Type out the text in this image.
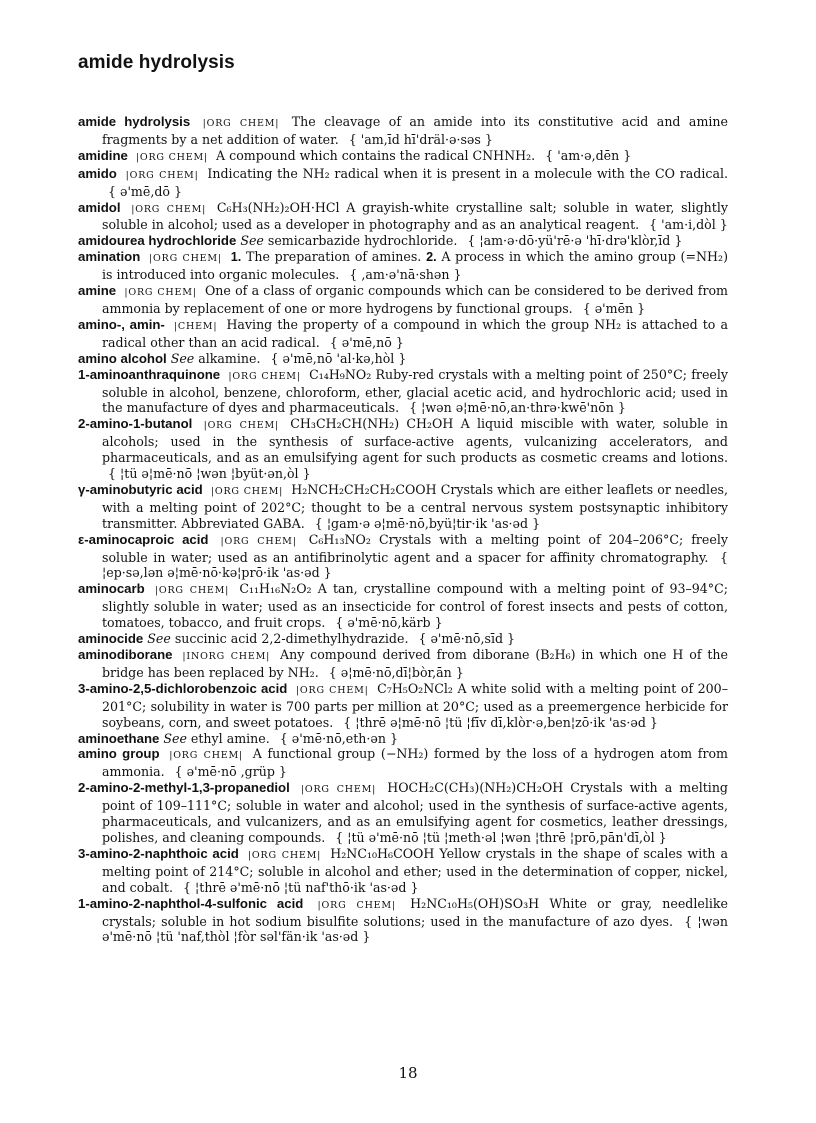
amide hydrolysis

amide hydrolysis |ORG CHEM| The cleavage of an amide into its constitutive acid and amine fragments by a net addition of water. { 'am,īd hī'dräl·ə·səs }

amidine |ORG CHEM| A compound which contains the radical CNHNH₂. { 'am·ə,dēn }

amido |ORG CHEM| Indicating the NH₂ radical when it is present in a molecule with the CO radical. { ə'mē,dō }

amidol |ORG CHEM| C₆H₃(NH₂)₂OH·HCl A grayish-white crystalline salt; soluble in water, slightly soluble in alcohol; used as a developer in photography and as an analytical reagent. { 'am·i,dòl }

amidourea hydrochloride See semicarbazide hydrochloride. { ¦am·ə·dō·yü'rē·ə 'hī·drə'klòr,īd }

amination |ORG CHEM| 1. The preparation of amines. 2. A process in which the amino group (=NH₂) is introduced into organic molecules. { ,am·ə'nā·shən }

amine |ORG CHEM| One of a class of organic compounds which can be considered to be derived from ammonia by replacement of one or more hydrogens by functional groups. { ə'mēn }

amino-, amin- |CHEM| Having the property of a compound in which the group NH₂ is attached to a radical other than an acid radical. { ə'mē,nō }

amino alcohol See alkamine. { ə'mē,nō 'al·kə,hòl }

1-aminoanthraquinone |ORG CHEM| C₁₄H₉NO₂ Ruby-red crystals with a melting point of 250°C; freely soluble in alcohol, benzene, chloroform, ether, glacial acetic acid, and hydrochloric acid; used in the manufacture of dyes and pharmaceuticals. { ¦wən ə¦mē·nō,an·thrə·kwē'nōn }

2-amino-1-butanol |ORG CHEM| CH₃CH₂CH(NH₂) CH₂OH A liquid miscible with water, soluble in alcohols; used in the synthesis of surface-active agents, vulcanizing accelerators, and pharmaceuticals, and as an emulsifying agent for such products as cosmetic creams and lotions. { ¦tü ə¦mē·nō ¦wən ¦byüt·ən,òl }

γ-aminobutyric acid |ORG CHEM| H₂NCH₂CH₂CH₂COOH Crystals which are either leaflets or needles, with a melting point of 202°C; thought to be a central nervous system postsynaptic inhibitory transmitter. Abbreviated GABA. { ¦gam·ə ə¦mē·nō,byü¦tir·ik 'as·əd }

ε-aminocaproic acid |ORG CHEM| C₆H₁₃NO₂ Crystals with a melting point of 204–206°C; freely soluble in water; used as an antifibrinolytic agent and a spacer for affinity chromatography. { ¦ep·sə,lən ə¦mē·nō·kə¦prō·ik 'as·əd }

aminocarb |ORG CHEM| C₁₁H₁₆N₂O₂ A tan, crystalline compound with a melting point of 93–94°C; slightly soluble in water; used as an insecticide for control of forest insects and pests of cotton, tomatoes, tobacco, and fruit crops. { ə'mē·nō,kärb }

aminocide See succinic acid 2,2-dimethylhydrazide. { ə'mē·nō,sīd }

aminodiborane |INORG CHEM| Any compound derived from diborane (B₂H₆) in which one H of the bridge has been replaced by NH₂. { ə¦mē·nō,dī¦bòr,ān }

3-amino-2,5-dichlorobenzoic acid |ORG CHEM| C₇H₅O₂NCl₂ A white solid with a melting point of 200–201°C; solubility in water is 700 parts per million at 20°C; used as a preemergence herbicide for soybeans, corn, and sweet potatoes. { ¦thrē ə¦mē·nō ¦tü ¦fīv dī,klòr·ə,ben¦zō·ik 'as·əd }

aminoethane See ethyl amine. { ə'mē·nō,eth·ən }

amino group |ORG CHEM| A functional group (−NH₂) formed by the loss of a hydrogen atom from ammonia. { ə'mē·nō ,grüp }

2-amino-2-methyl-1,3-propanediol |ORG CHEM| HOCH₂C(CH₃)(NH₂)CH₂OH Crystals with a melting point of 109–111°C; soluble in water and alcohol; used in the synthesis of surface-active agents, pharmaceuticals, and vulcanizers, and as an emulsifying agent for cosmetics, leather dressings, polishes, and cleaning compounds. { ¦tü ə'mē·nō ¦tü ¦meth·əl ¦wən ¦thrē ¦prō,pān'dī,òl }

3-amino-2-naphthoic acid |ORG CHEM| H₂NC₁₀H₆COOH Yellow crystals in the shape of scales with a melting point of 214°C; soluble in alcohol and ether; used in the determination of copper, nickel, and cobalt. { ¦thrē ə'mē·nō ¦tü naf'thō·ik 'as·əd }

1-amino-2-naphthol-4-sulfonic acid |ORG CHEM| H₂NC₁₀H₅(OH)SO₃H White or gray, needlelike crystals; soluble in hot sodium bisulfite solutions; used in the manufacture of azo dyes. { ¦wən ə'mē·nō ¦tü 'naf,thòl ¦fòr səl'fän·ik 'as·əd }

18
